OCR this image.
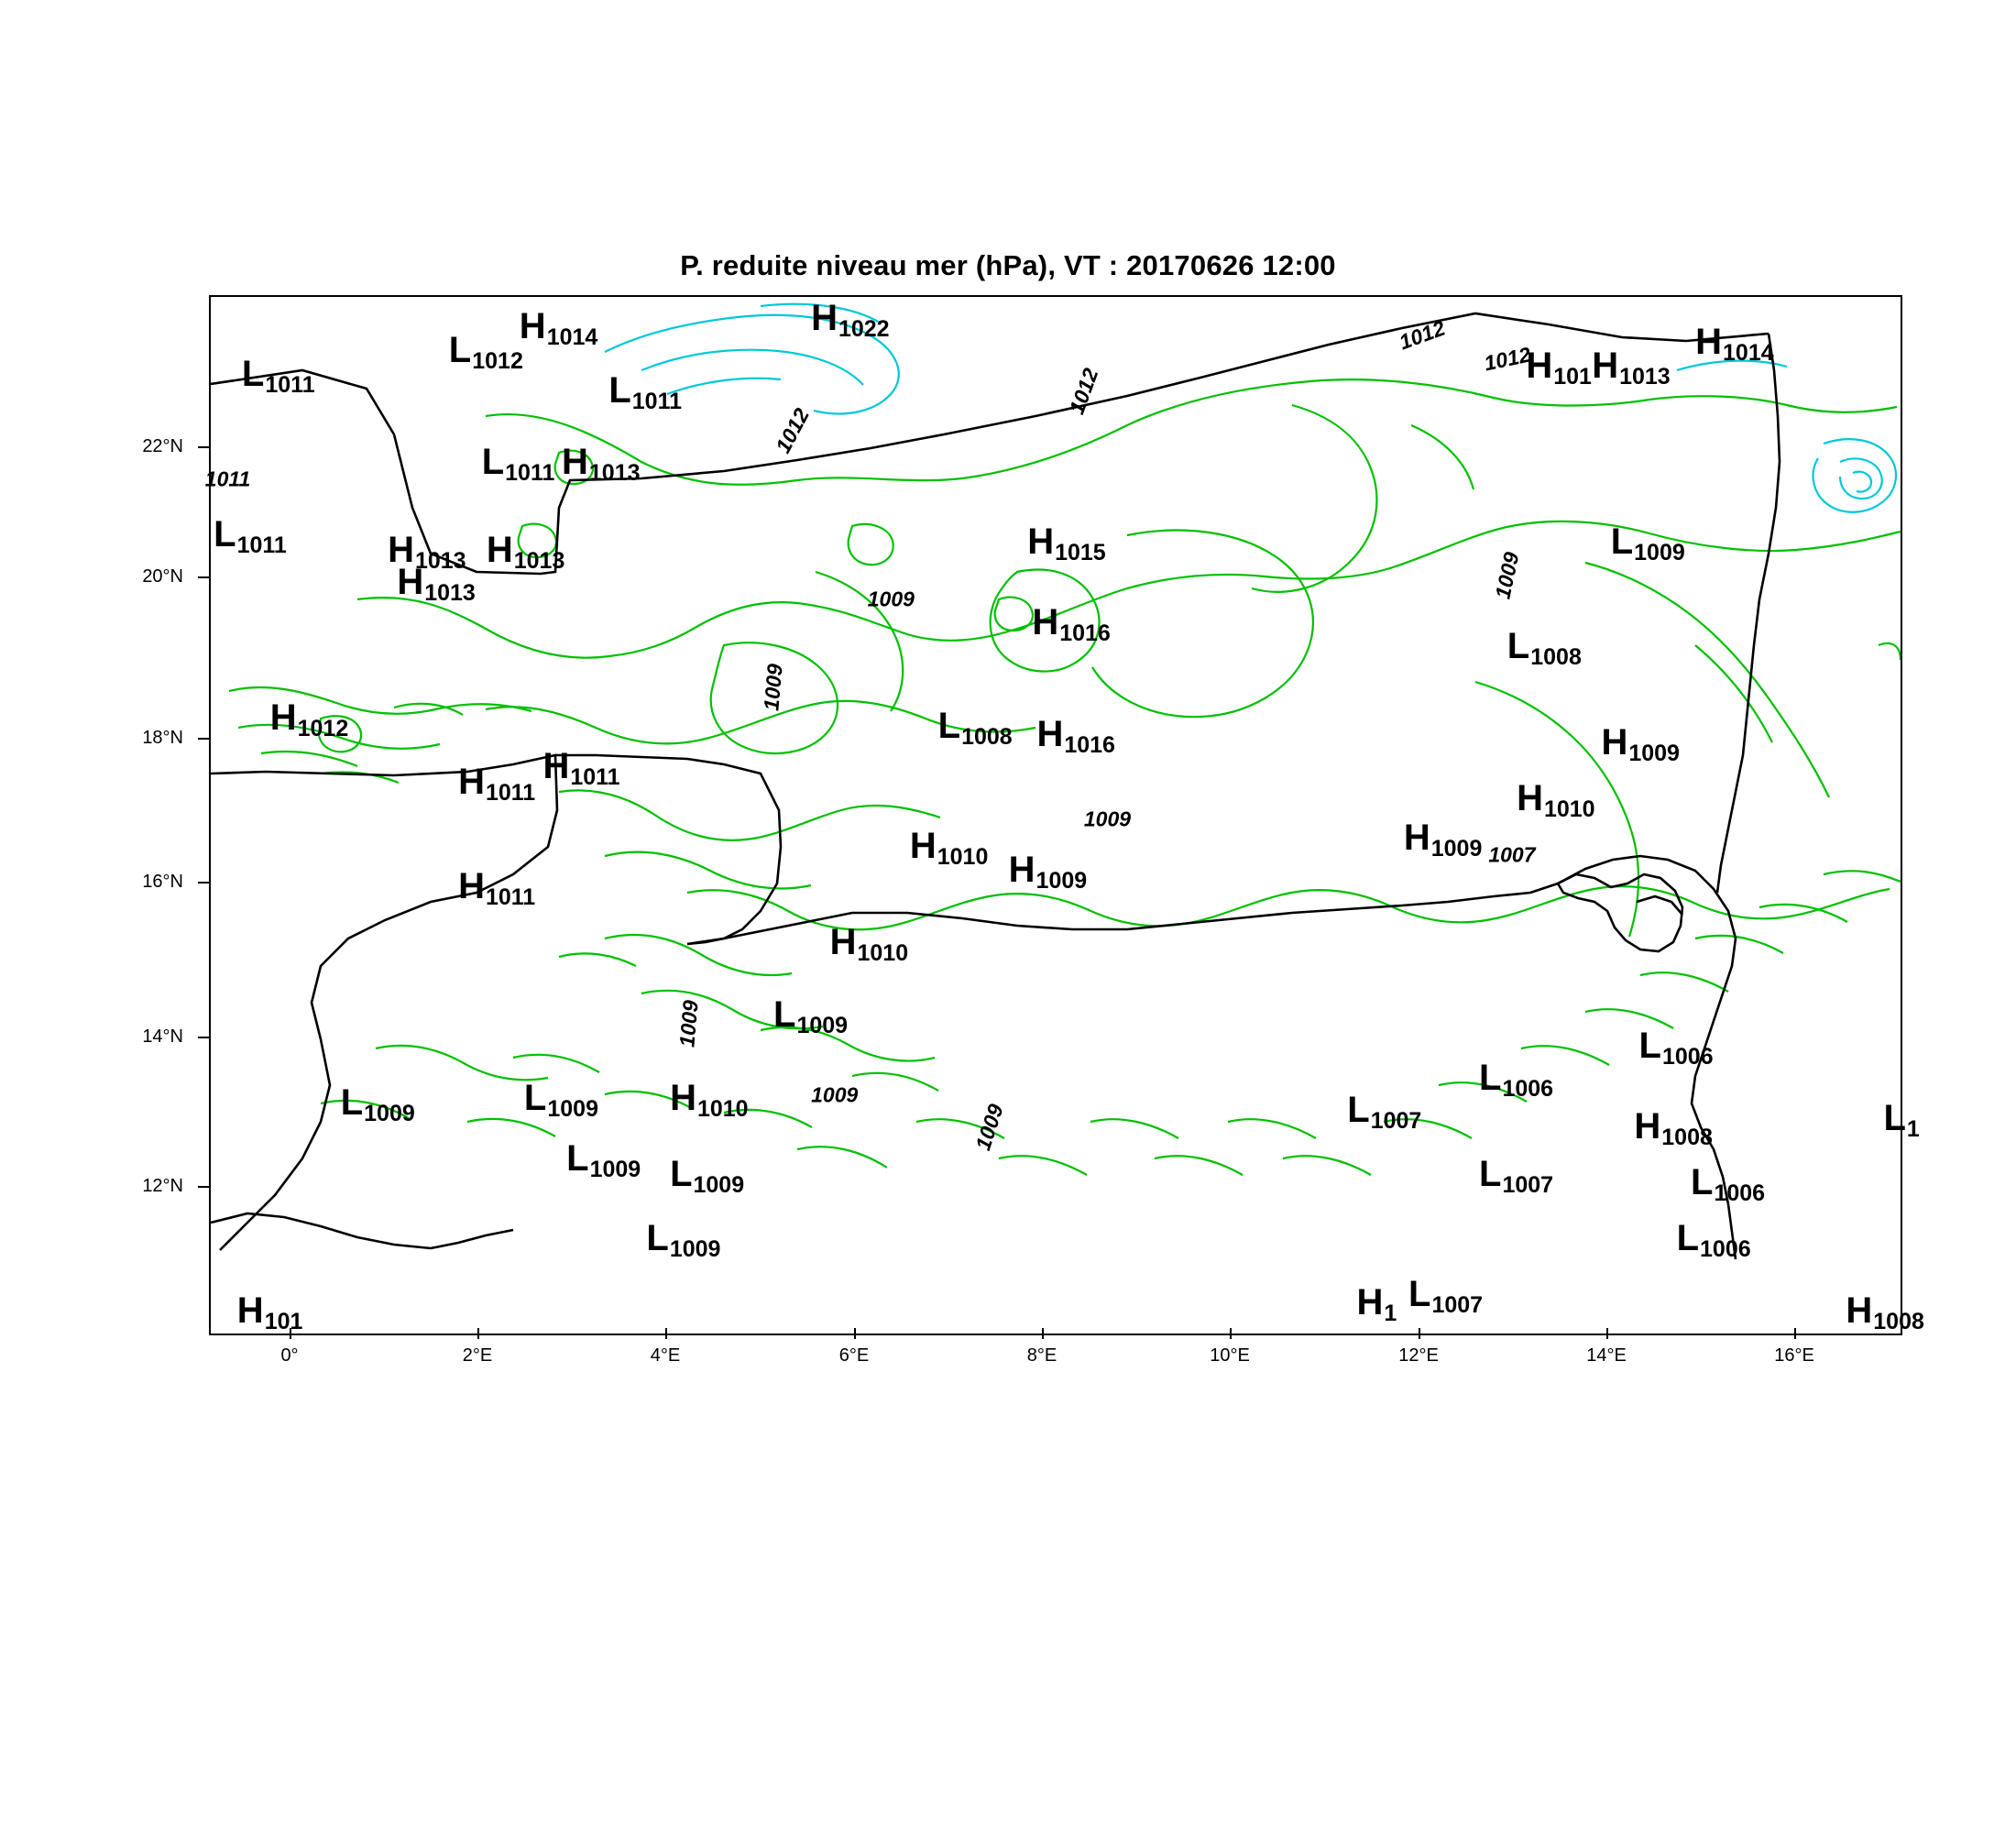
P. reduite niveau mer (hPa), VT : 20170626 12:00
22°N
20°N
18°N
16°N
14°N
12°N
0°	2°E	4°E	6°E	8°E	10°E	12°E	14°E	16°E
1012
1012
1012
1012
1009
1009
1009
1009
1009
1009
1009
1007
1011
L1011
L1012
H1014	H1022
L1011
L1011 H1013
L1011	H1013 H1013
H1013
H1015
H1016
H1016
L1008
H101 H1013
H1014
L1009
L1008
H1009
H1010
H1009
H1012
H1011
H1011
H1011
H1010 H1009
H1010
L1009
L1009	L1009 H1010
L1009 L1009
L1009
L1007
L1006
L1006
H1008
L1007	L1006
L1006
L1
L1007
H1	H1008
H101
